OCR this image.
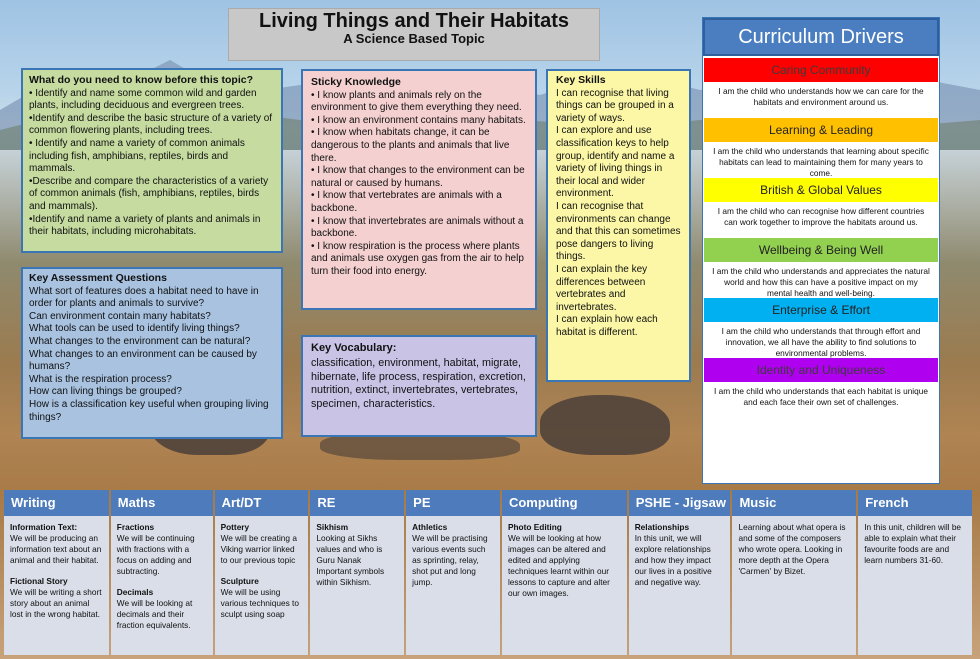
Living Things and Their Habitats
A Science Based Topic
What do you need to know before this topic?

• Identify and name some common wild and garden plants, including deciduous and evergreen trees.

•Identify and describe the basic structure of a variety of common flowering plants, including trees.

• Identify and name a variety of common animals including fish, amphibians, reptiles, birds and mammals.

•Describe and compare the characteristics of a variety of common animals (fish, amphibians, reptiles, birds and mammals).

•Identify and name a variety of plants and animals in their habitats, including microhabitats.

Key Assessment Questions

What sort of features does a habitat need to have in order for plants and animals to survive?

Can environment contain many habitats?

What tools can be used to identify living things?

What changes to the environment can be natural?

What changes to an environment can be caused by humans?

What is the respiration process?

How can living things be grouped?

How is a classification key useful when grouping living things?

Sticky Knowledge

• I know plants and animals rely on the environment to give them everything they need.

• I know an environment contains many habitats.

• I know when habitats change, it can be dangerous to the plants and animals that live there.

• I know that changes to the environment can be natural or caused by humans.

• I know that vertebrates are animals with a backbone.

• I know that invertebrates are animals without a backbone.

• I know respiration is the process where plants and animals use oxygen gas from the air to help turn their food into energy.

Key Vocabulary:

classification, environment, habitat, migrate, hibernate, life process, respiration, excretion, nutrition, extinct, invertebrates, vertebrates, specimen, characteristics.

Key Skills

I can recognise that living things can be grouped in a variety of ways.

I can explore and use classification keys to help group, identify and name a variety of living things in their local and wider environment.

I can recognise that environments can change and that this can sometimes pose dangers to living things.

I can explain the key differences between vertebrates and invertebrates.

I can explain how each habitat is different.

Curriculum Drivers
Caring Community
I am the child who understands how we can care for the habitats and environment around us.
Learning & Leading
I am the child who understands that learning about specific habitats can lead to maintaining them for many years to come.
British & Global Values
I am the child who can recognise how different countries can work together to improve the habitats around us.
Wellbeing & Being Well
I am the child who understands and appreciates the natural world and how this can have a positive impact on my mental health and well-being.
Enterprise & Effort
I am the child who understands that through effort and innovation, we all have the ability to find solutions to environmental problems.
Identity and Uniqueness
I am the child who understands that each habitat is unique and each face their own set of challenges.
Writing
Information Text:
We will be producing an information text about an animal and their habitat.
Fictional Story
We will be writing a short story about an animal lost in the wrong habitat.
Maths
Fractions
We will be continuing with fractions with a focus on adding and subtracting.
Decimals
We will be looking at decimals and their fraction equivalents.
Art/DT
Pottery
We will be creating a Viking warrior linked to our previous topic
Sculpture
We will be using various techniques to sculpt using soap
RE
Sikhism
Looking at Sikhs values and who is Guru Nanak Important symbols within Sikhism.
PE
Athletics
We will be practising various events such as sprinting, relay, shot put and long jump.
Computing
Photo Editing
We will be looking at how images can be altered and edited and applying techniques learnt within our lessons to capture and alter our own images.
PSHE - Jigsaw
Relationships
In this unit, we will explore relationships and how they impact our lives in a positive and negative way.
Music
Learning about what opera is and some of the composers who wrote opera. Looking in more depth at the Opera 'Carmen' by Bizet.
French
In this unit, children will be able to explain what their favourite foods are and learn numbers 31-60.
